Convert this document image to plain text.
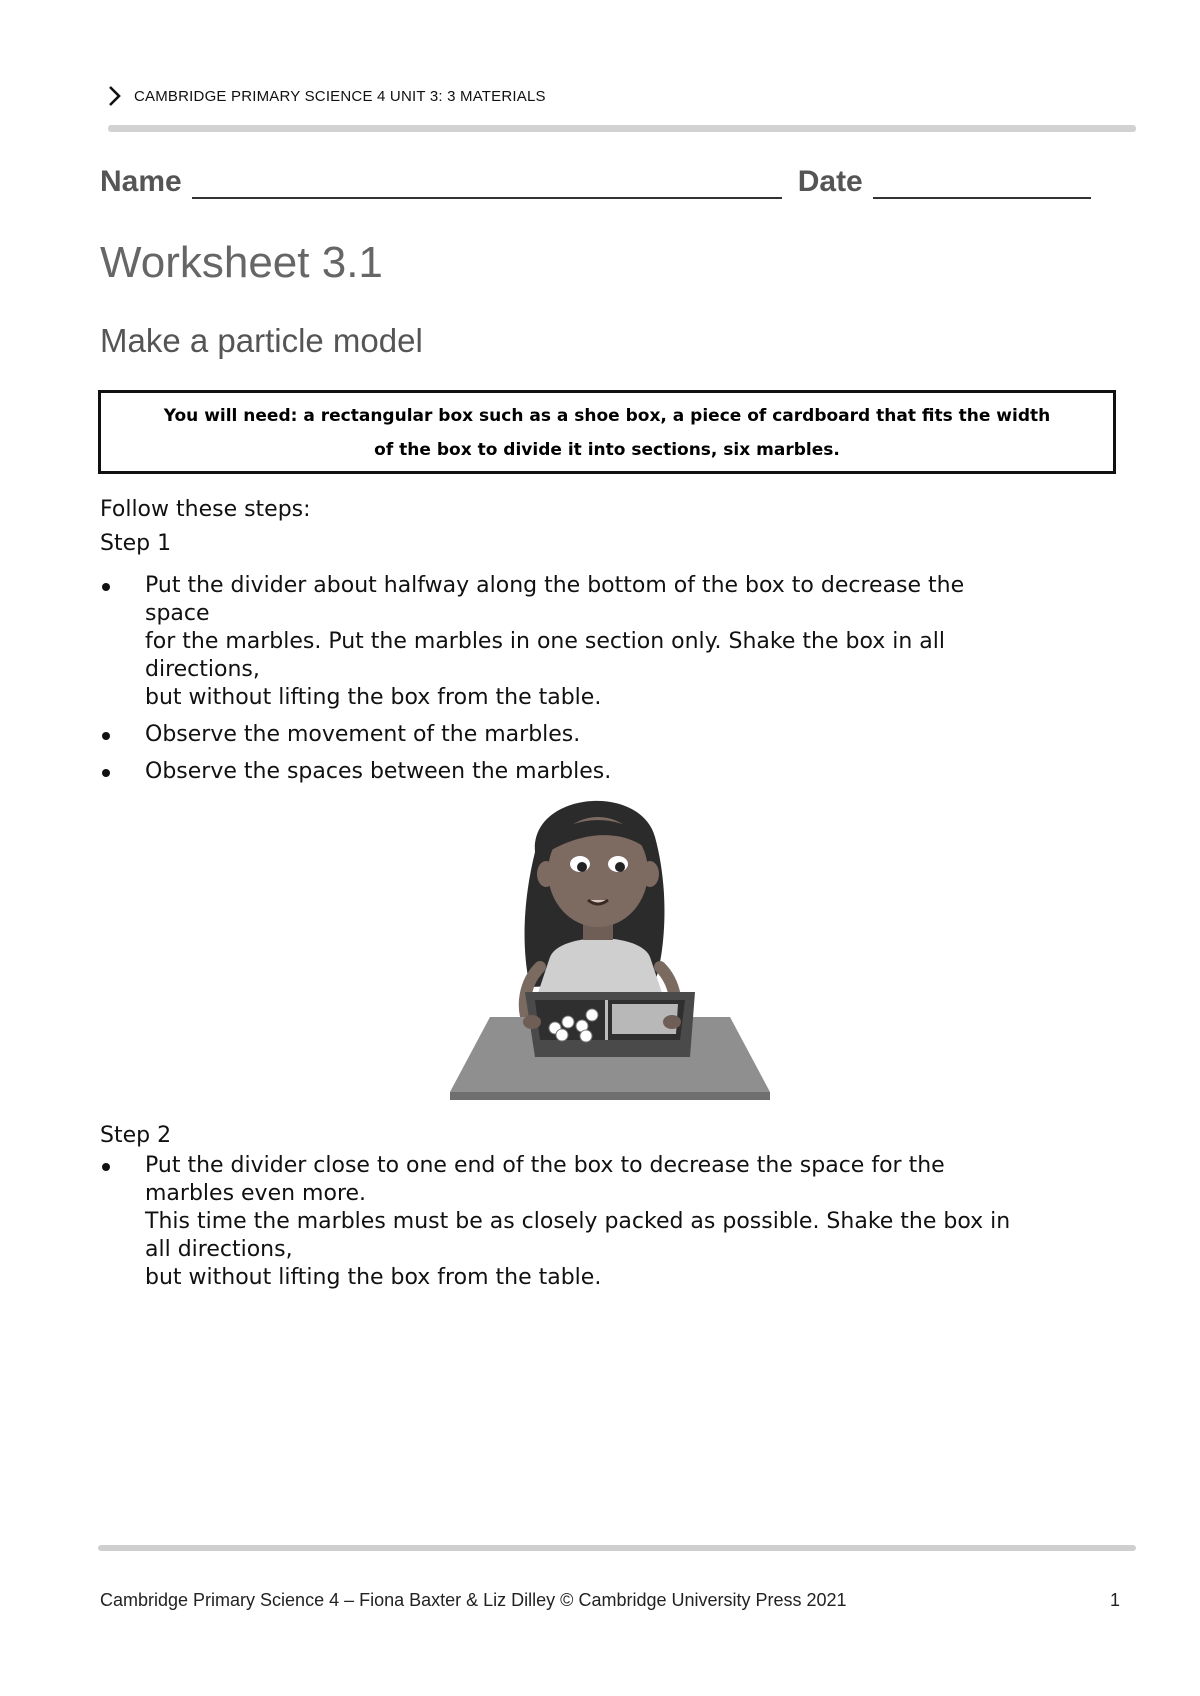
CAMBRIDGE PRIMARY SCIENCE 4 UNIT 3: 3 MATERIALS
Name	Date
Worksheet 3.1
Make a particle model
You will need: a rectangular box such as a shoe box, a piece of cardboard that fits the width
of the box to divide it into sections, six marbles.
Follow these steps:
Step 1
Put the divider about halfway along the bottom of the box to decrease the
space
for the marbles. Put the marbles in one section only. Shake the box in all
directions,
but without lifting the box from the table.
Observe the movement of the marbles.
Observe the spaces between the marbles.
Step 2
Put the divider close to one end of the box to decrease the space for the
marbles even more.
This time the marbles must be as closely packed as possible. Shake the box in
all directions,
but without lifting the box from the table.
Cambridge Primary Science 4 – Fiona Baxter & Liz Dilley © Cambridge University Press 2021	1
